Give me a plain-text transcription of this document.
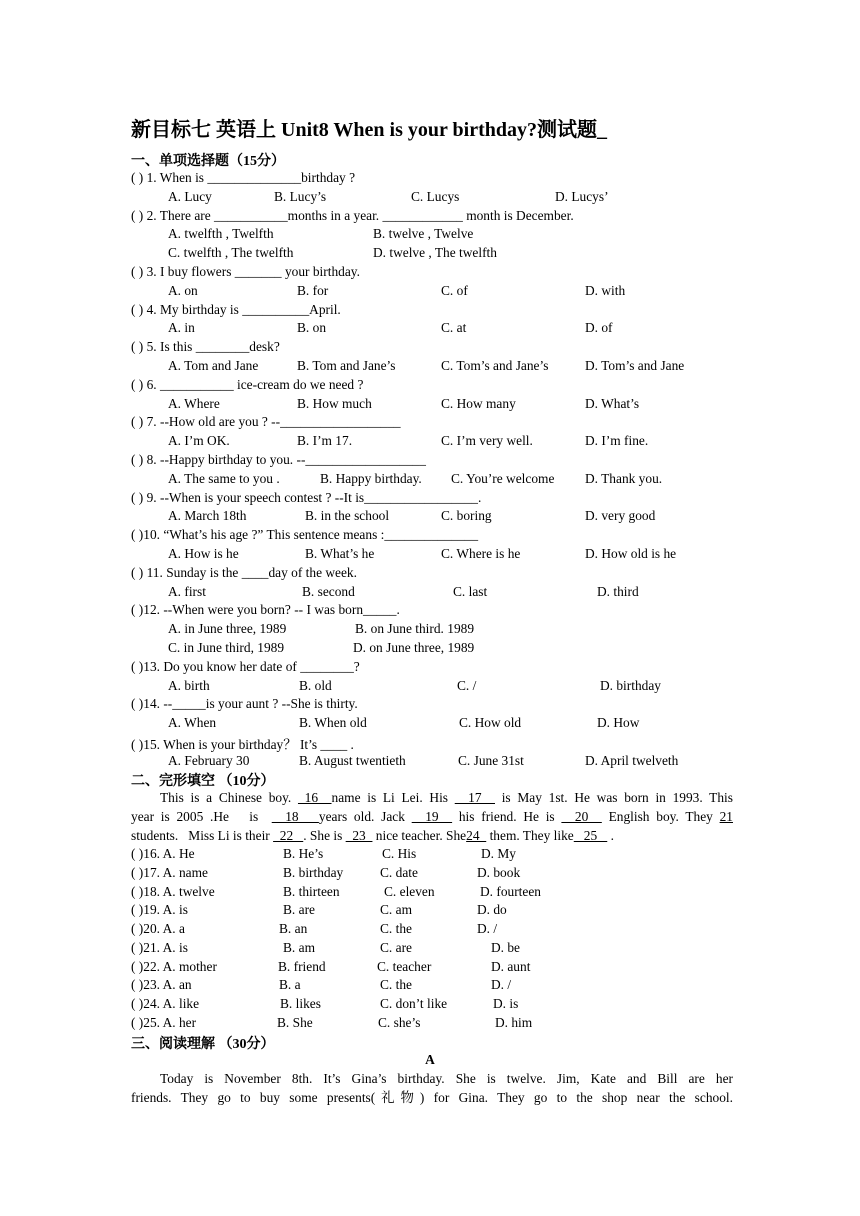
新目标七 英语上 Unit8 When is your birthday?测试题_
一、单项选择题（15分）
( ) 1. When is ______________birthday ?
A. Lucy	B. Lucy’s	C. Lucys	D. Lucys’
( ) 2. There are ___________months in a year. ____________ month is December.
A. twelfth , Twelfth	B. twelve , Twelve
C. twelfth , The twelfth	D. twelve , The twelfth
( ) 3. I buy flowers _______ your birthday.
A. on	B. for	C. of	D. with
( ) 4. My birthday is __________April.
A. in	B. on	C. at	D. of
( ) 5. Is this ________desk?
A. Tom and Jane	B. Tom and Jane’s	C. Tom’s and Jane’s	D. Tom’s and Jane
( ) 6. ___________ ice-cream do we need ?
A. Where	B. How much	C. How many	D. What’s
( ) 7. --How old are you ? --__________________
A. I’m OK.	B. I’m 17.	C. I’m very well.	D. I’m fine.
( ) 8. --Happy birthday to you. --__________________
A. The same to you .	B. Happy birthday. C. You’re welcome D. Thank you.
( ) 9. --When is your speech contest ? --It is_________________.
A. March 18th	B. in the school	C. boring	D. very good
( )10. “What’s his age ?” This sentence means :______________
A. How is he	B. What’s he	C. Where is he	D. How old is he
( ) 11. Sunday is the ____day of the week.
A. first	B. second	C. last	D. third
( )12. --When were you born? -- I was born_____.
A. in June three, 1989	B. on June third. 1989
C. in June third, 1989	D. on June three, 1989
( )13. Do you know her date of ________?
A. birth	B. old	C. /	D. birthday
( )14. --_____is your aunt ? --She is thirty.
A. When	B. When old	C. How old	D. How
( )15. When is your birthday？ It’s ____ .
A. February 30	B. August twentieth	C. June 31st	D. April twelveth
二、完形填空 （10分）
This is a Chinese boy.  16  name is Li Lei. His   17   is May 1st. He was born in 1993. This
year is 2005 .He   is    18   years old. Jack   19   his friend. He is   20   English boy. They 21
students.   Miss Li is their   22   . She is   23   nice teacher. She24   them. They like   25    .
( )16. A. He	B. He’s	C. His	D. My
( )17. A. name	B. birthday	C. date	D. book
( )18. A. twelve	B. thirteen	C. eleven	D. fourteen
( )19. A. is	B. are	C. am	D. do
( )20. A. a	B. an	C. the	D. /
( )21. A. is	B. am	C. are	D. be
( )22. A. mother	B. friend	C. teacher	D. aunt
( )23. A. an	B. a	C. the	D. /
( )24. A. like	B. likes	C. don’t like	D. is
( )25. A. her	B. She	C. she’s	D. him
三、阅读理解 （30分）
A
Today is November 8th. It’s Gina’s birthday. She is twelve. Jim, Kate and Bill are her
friends. They go to buy some presents(礼物) for Gina. They go to the shop near the school.
